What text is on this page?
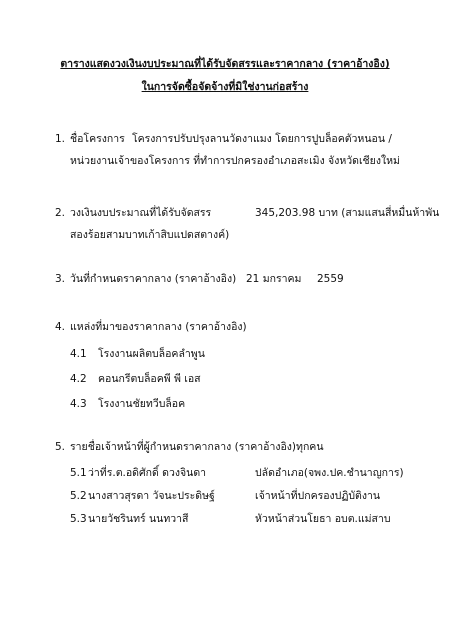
ตารางแสดงวงเงินงบประมาณที่ได้รับจัดสรรและราคากลาง (ราคาอ้างอิง)
ในการจัดซื้อจัดจ้างที่มิใช่งานก่อสร้าง
1. ชื่อโครงการ โครงการปรับปรุงลานวัดงาแมง โดยการปูบล็อคตัวหนอน /
หน่วยงานเจ้าของโครงการ ที่ทำการปกครองอำเภอสะเมิง จังหวัดเชียงใหม่
2. วงเงินงบประมาณที่ได้รับจัดสรร	345,203.98 บาท (สามแสนสี่หมื่นห้าพัน
สองร้อยสามบาทเก้าสิบแปดสตางค์)
3. วันที่กำหนดราคากลาง (ราคาอ้างอิง) 21 มกราคม 2559
4. แหล่งที่มาของราคากลาง (ราคาอ้างอิง)
4.1 โรงงานผลิตบล็อคลำพูน
4.2 คอนกรีตบล็อคพี พี เอส
4.3 โรงงานชัยทวีบล็อค
5. รายชื่อเจ้าหน้าที่ผู้กำหนดราคากลาง (ราคาอ้างอิง)ทุกคน
5.1 ว่าที่ร.ต.อดิศักดิ์ ดวงจินดา	ปลัดอำเภอ(จพง.ปค.ชำนาญการ)
5.2 นางสาวสุรดา วัจนะประดิษฐ์	เจ้าหน้าที่ปกครองปฏิบัติงาน
5.3 นายวัชรินทร์ นนทวาสี	หัวหน้าส่วนโยธา อบต.แม่สาบ
